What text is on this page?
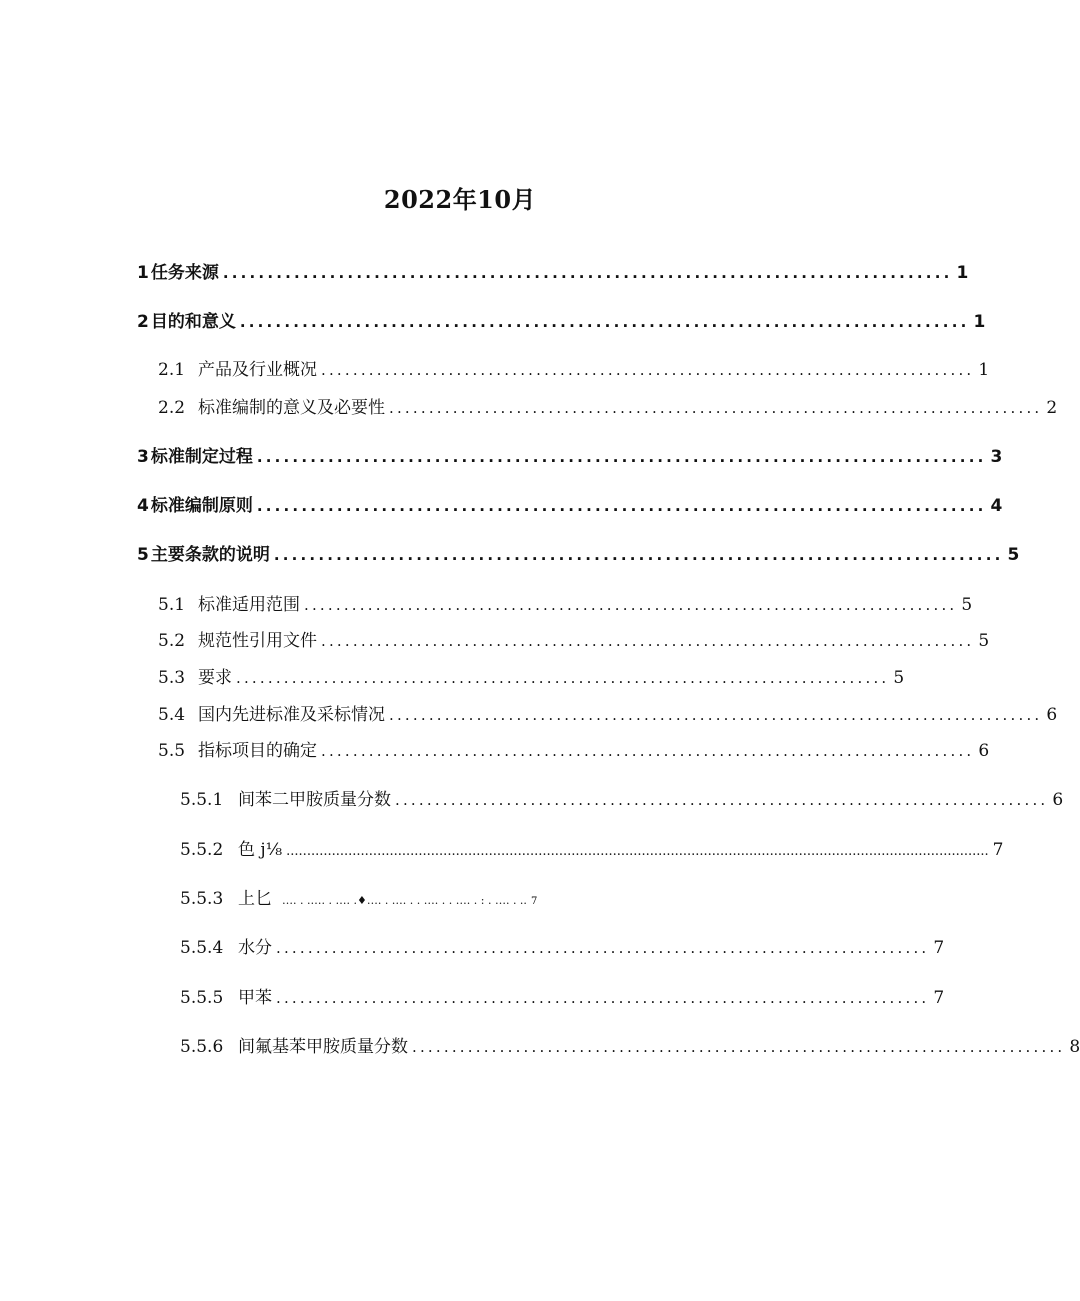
2022年10月
1 任务来源 .................................................................................. 1
2 目的和意义 .................................................................................. 1
2.1 产品及行业概况 .................................................................................. 1
2.2 标准编制的意义及必要性 .................................................................................. 2
3 标准制定过程 .................................................................................. 3
4 标准编制原则 .................................................................................. 4
5 主要条款的说明 .................................................................................. 5
5.1 标准适用范围 .................................................................................. 5
5.2 规范性引用文件 .................................................................................. 5
5.3 要求 .................................................................................. 5
5.4 国内先进标准及采标情况 .................................................................................. 6
5.5 指标项目的确定 .................................................................................. 6
5.5.1 间苯二甲胺质量分数 .................................................................................. 6
5.5.2 色 j⅛ .......................................................................................................................................................................... 7
5.5.3 上匕 …. . .…. . …. .♦…. . …. . . …. . . …. . : . …. . .. 7
5.5.4 水分 .................................................................................. 7
5.5.5 甲苯 .................................................................................. 7
5.5.6 间氟基苯甲胺质量分数 .................................................................................. 8
